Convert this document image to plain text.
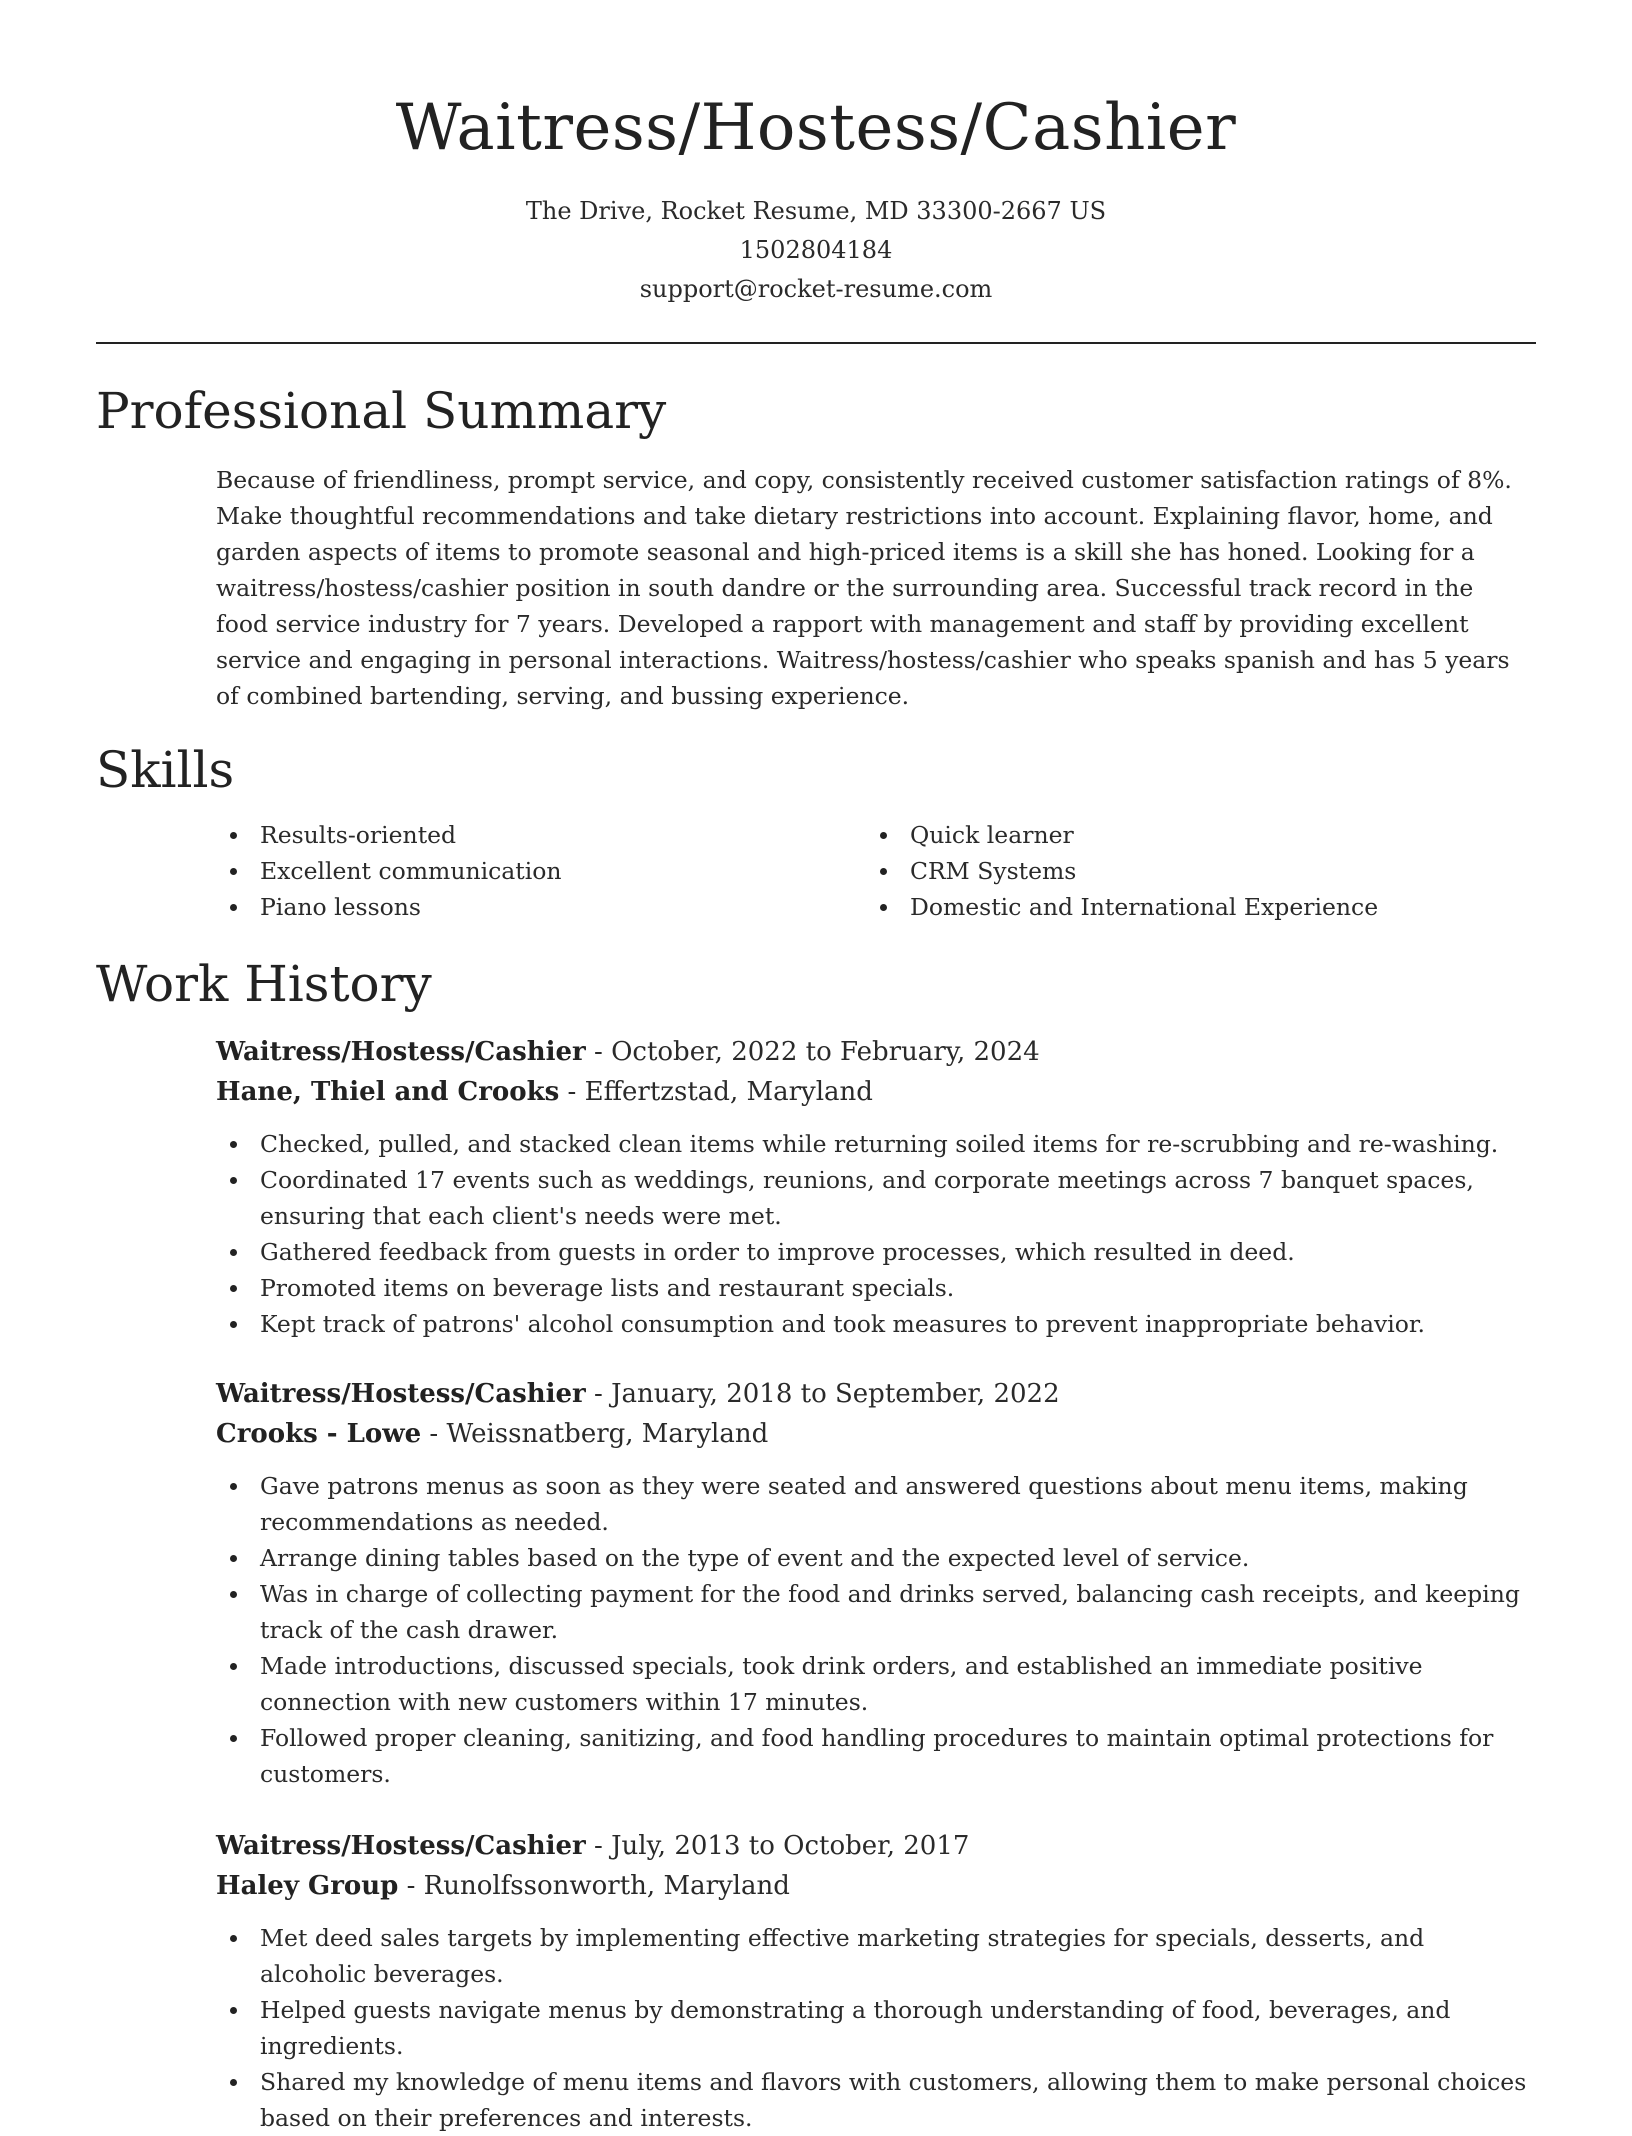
Waitress/Hostess/Cashier
The Drive, Rocket Resume, MD 33300-2667 US
1502804184
support@rocket-resume.com
Professional Summary
Because of friendliness, prompt service, and copy, consistently received customer satisfaction ratings of 8%. Make thoughtful recommendations and take dietary restrictions into account. Explaining flavor, home, and garden aspects of items to promote seasonal and high-priced items is a skill she has honed. Looking for a waitress/hostess/cashier position in south dandre or the surrounding area. Successful track record in the food service industry for 7 years. Developed a rapport with management and staff by providing excellent service and engaging in personal interactions. Waitress/hostess/cashier who speaks spanish and has 5 years of combined bartending, serving, and bussing experience.
Skills
Results-oriented
Excellent communication
Piano lessons
Quick learner
CRM Systems
Domestic and International Experience
Work History
Waitress/Hostess/Cashier - October, 2022 to February, 2024
Hane, Thiel and Crooks - Effertzstad, Maryland
Checked, pulled, and stacked clean items while returning soiled items for re-scrubbing and re-washing.
Coordinated 17 events such as weddings, reunions, and corporate meetings across 7 banquet spaces, ensuring that each client's needs were met.
Gathered feedback from guests in order to improve processes, which resulted in deed.
Promoted items on beverage lists and restaurant specials.
Kept track of patrons' alcohol consumption and took measures to prevent inappropriate behavior.
Waitress/Hostess/Cashier - January, 2018 to September, 2022
Crooks - Lowe - Weissnatberg, Maryland
Gave patrons menus as soon as they were seated and answered questions about menu items, making recommendations as needed.
Arrange dining tables based on the type of event and the expected level of service.
Was in charge of collecting payment for the food and drinks served, balancing cash receipts, and keeping track of the cash drawer.
Made introductions, discussed specials, took drink orders, and established an immediate positive connection with new customers within 17 minutes.
Followed proper cleaning, sanitizing, and food handling procedures to maintain optimal protections for customers.
Waitress/Hostess/Cashier - July, 2013 to October, 2017
Haley Group - Runolfssonworth, Maryland
Met deed sales targets by implementing effective marketing strategies for specials, desserts, and alcoholic beverages.
Helped guests navigate menus by demonstrating a thorough understanding of food, beverages, and ingredients.
Shared my knowledge of menu items and flavors with customers, allowing them to make personal choices based on their preferences and interests.
